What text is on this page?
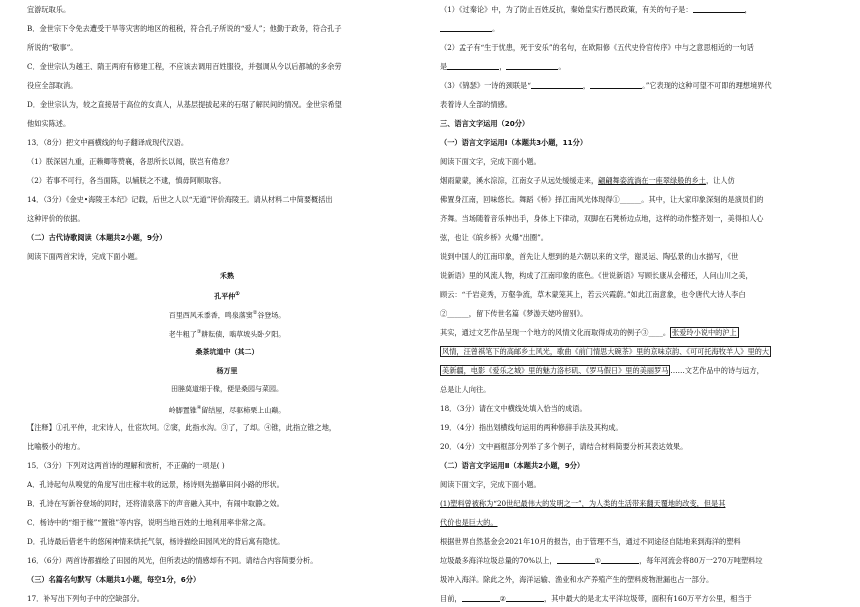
宜游玩取乐。
B．金世宗下令免去遭受干旱等灾害的地区的租税，符合孔子所说的“爱人”；他勤于政务，符合孔子
所说的“敬事”。
C．金世宗认为越王、隋王两府有修建工程，不应该去调用百姓服役，并强调从今以后都城的多余劳
役应全部取消。
D．金世宗认为，较之直接居于高位的女真人，从基层提拔起来的石琚了解民间的情况。金世宗希望
他如实陈述。
13．（8分）把文中画横线的句子翻译成现代汉语。
（1）朕深居九重，正赖卿等赞襄，各思所长以闻，朕岂有倦怠？
（2）若事不可行，各当面陈，以辅朕之不逮，慎毋阿顺取容。
14．（3分）《金史•海陵王本纪》记载，后世之人以“无道”评价海陵王。请从材料二中简要概括出
这种评价的依据。
（二）古代诗歌阅读（本题共2小题，9分）
阅读下面两首宋诗，完成下面小题。
禾熟
孔平仲①
百里西风禾黍香，鸣泉落窦②谷登场。
老牛粗了③耕耘债，啮草坡头卧夕阳。
桑茶坑道中（其二）
杨万里
田塍莫道细于椽，便是桑园与菜园。
岭脚置锥④留结屋，尽驱柿栗上山巅。
【注释】①孔平仲，北宋诗人，仕宦坎坷。②窦，此指水沟。③了，了却。④锥，此指立锥之地，
比喻极小的地方。
15．（3分）下列对这两首诗的理解和赏析，不正确的一项是( )
A．孔诗起句从嗅觉的角度写出庄稼丰收的远景，杨诗则先描摹田间小路的形状。
B．孔诗在写新谷登场的同时，还将清泉落下的声音融入其中，有闹中取静之效。
C．杨诗中的“细于椽”“置锥”等内容，说明当地百姓的土地利用率非常之高。
D．孔诗最后借老牛的悠闲神情来烘托气氛，杨诗描绘田园风光的背后寓有隐忧。
16．（6分）两首诗都描绘了田园的风光，但所表达的情感却有不同。请结合内容简要分析。
（三）名篇名句默写（本题共1小题，每空1分，6分）
17．补写出下列句子中的空缺部分。
（1）《过秦论》中，为了防止百姓反抗，秦始皇实行愚民政策，有关的句子是：	，
。
（2）孟子有“生于忧患，死于安乐”的名句，在欧阳修《五代史伶官传序》中与之意思相近的一句话
是	，	。
（3）《锦瑟》一诗的颈联是“	，	。”它表现的这种可望不可即的理想境界代
表着诗人全部的情感。
三、语言文字运用（20分）
（一）语言文字运用Ⅰ（本题共3小题，11分）
阅读下面文字，完成下面小题。
烟雨蒙蒙，溪水淙淙，江南女子从远处缓缓走来，翩翩舞姿流淌在一座翠绿般的乡土，让人仿
佛置身江南，回味悠长。舞蹈《桥》择江南风光体现得①______。其中，让大家印象深刻的是演员们的
齐舞。当场随着音乐伸出手，身体上下律动，双脚在石凳桥边点地，这样的动作整齐划一，美得扣人心
弦，也让《皖乡桥》火爆“出圈”。
说到中国人的江南印象，首先让人想到的是六朝以来的文学，谢灵运、陶弘景的山水描写，《世
说新语》里的风流人物，构成了江南印象的底色。《世说新语》写顾长康从会稽还，人问山川之美，
顾云：“千岩竞秀，万壑争流，草木蒙笼其上，若云兴霞蔚。”如此江南意象，也令唐代大诗人李白
②______，留下传世名篇《梦游天姥吟留别》。
其实，通过文艺作品呈现一个地方的风情文化而取得成功的例子③____。 张爱玲小说中的沪上
风情，汪曾祺笔下的高邮乡土风光，歌曲《前门情思大碗茶》里的京味京韵、《可可托海牧羊人》里的大
美新疆，电影《爱乐之城》里的魅力洛杉矶、《罗马假日》里的美丽罗马 ……文艺作品中的诗与远方，
总是让人向往。
18．（3分）请在文中横线处填入恰当的成语。
19．（4分）指出划横线句运用的两种修辞手法及其构成。
20．（4分）文中画框部分列举了多个例子，请结合材料简要分析其表达效果。
（二）语言文字运用Ⅱ（本题共2小题，9分）
阅读下面文字，完成下面小题。
(1)塑料曾被称为“20世纪最伟大的发明之一”，为人类的生活带来翻天覆地的改变，但是其
代价也是巨大的。
根据世界自然基金会2021年10月的报告，由于管理不当，通过不同途径自陆地来到海洋的塑料
垃圾最多海洋垃圾总量的70%以上，	①	，每年河流会将80万一270万吨塑料垃
圾冲入海洋。除此之外，海洋运输、渔业和水产养殖产生的塑料废物泄漏也占一部分。
目前，	②	，其中最大的是北太平洋垃圾带，面积有160万平方公里，相当于
